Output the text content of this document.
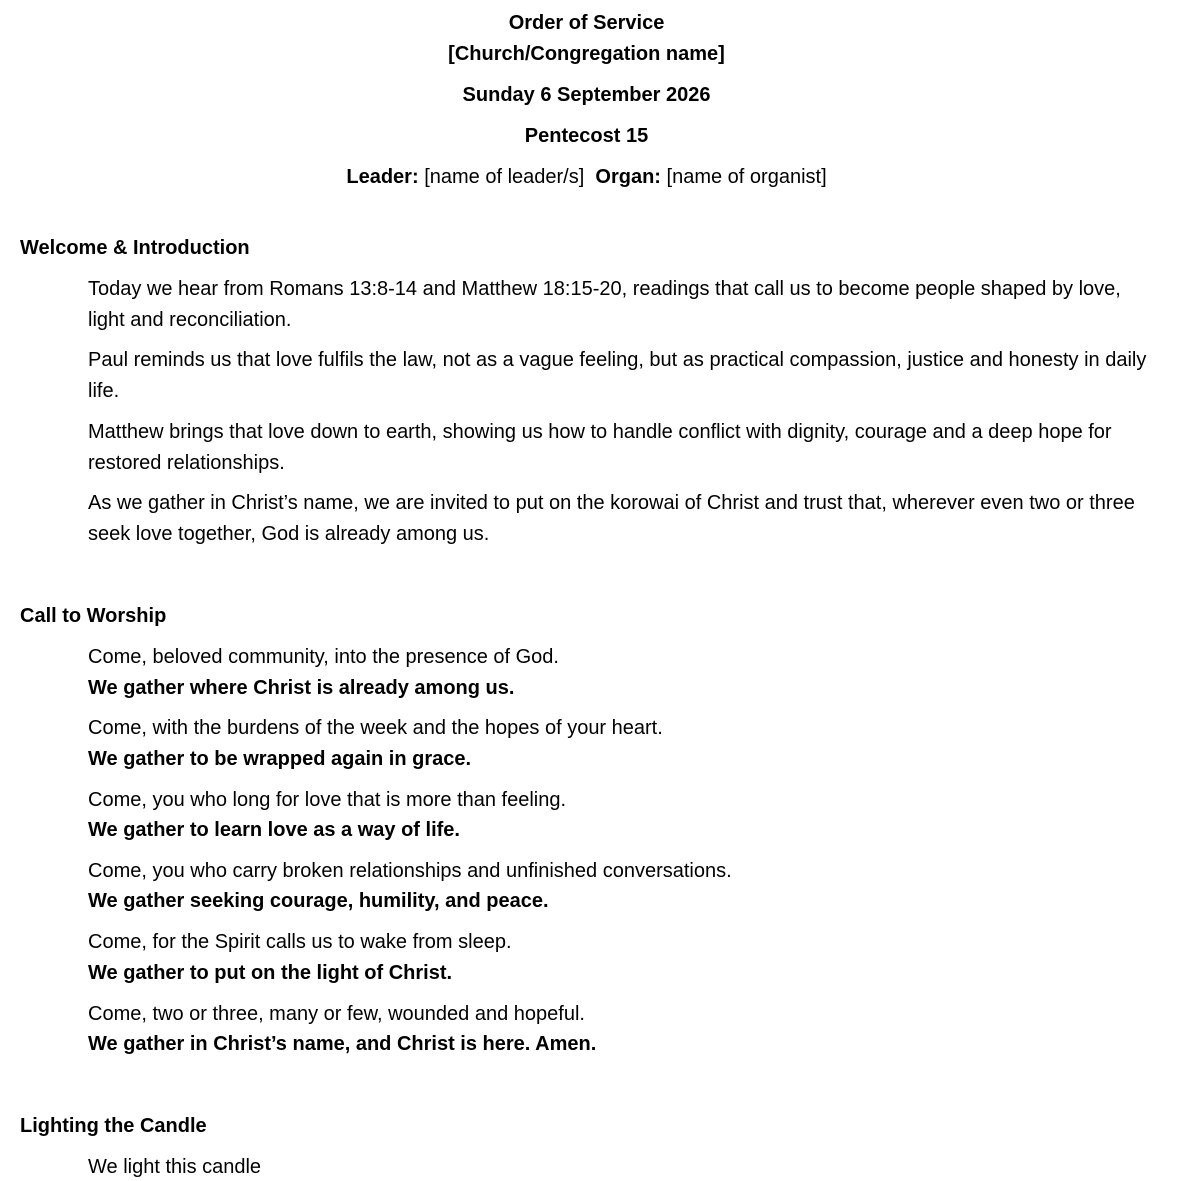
Order of Service
[Church/Congregation name]
Sunday 6 September 2026
Pentecost 15
Leader: [name of leader/s] Organ: [name of organist]
Welcome & Introduction
Today we hear from Romans 13:8-14 and Matthew 18:15-20, readings that call us to become people shaped by love, light and reconciliation.
Paul reminds us that love fulfils the law, not as a vague feeling, but as practical compassion, justice and honesty in daily life.
Matthew brings that love down to earth, showing us how to handle conflict with dignity, courage and a deep hope for restored relationships.
As we gather in Christ’s name, we are invited to put on the korowai of Christ and trust that, wherever even two or three seek love together, God is already among us.
Call to Worship
Come, beloved community, into the presence of God.
We gather where Christ is already among us.
Come, with the burdens of the week and the hopes of your heart.
We gather to be wrapped again in grace.
Come, you who long for love that is more than feeling.
We gather to learn love as a way of life.
Come, you who carry broken relationships and unfinished conversations.
We gather seeking courage, humility, and peace.
Come, for the Spirit calls us to wake from sleep.
We gather to put on the light of Christ.
Come, two or three, many or few, wounded and hopeful.
We gather in Christ’s name, and Christ is here. Amen.
Lighting the Candle
We light this candle
